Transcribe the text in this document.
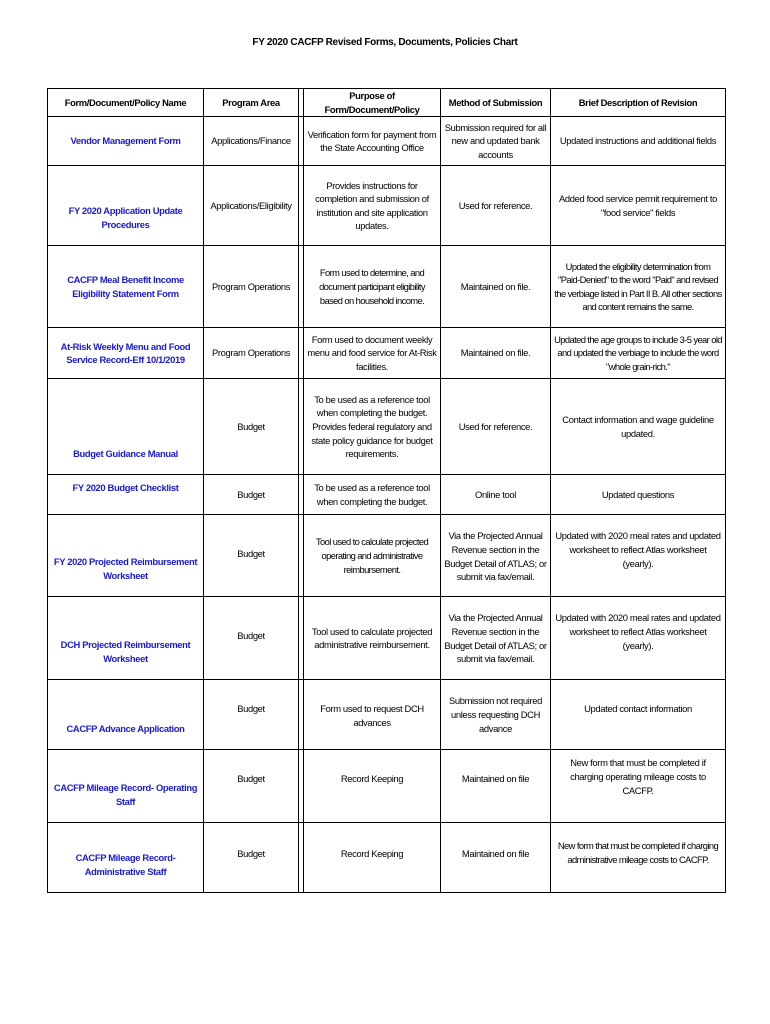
FY 2020 CACFP Revised Forms, Documents, Policies Chart
Form/Document/Policy Name	Program Area		Purpose of Form/Document/Policy	Method of Submission	Brief Description of Revision
Vendor Management Form	Applications/Finance		Verification form for payment from the State Accounting Office	Submission required for all new and updated bank accounts	Updated instructions and additional fields
FY 2020 Application Update Procedures	Applications/Eligibility		Provides instructions for completion and submission of institution and site application updates.	Used for reference.	Added food service permit requirement to "food service" fields
CACFP Meal Benefit Income Eligibility Statement Form	Program Operations		Form used to determine, and document participant eligibility based on household income.	Maintained on file.	Updated the eligibility determination from "Paid-Denied" to the word "Paid" and revised the verbiage listed in Part II B. All other sections and content remains the same.
At-Risk Weekly Menu and Food Service Record-Eff 10/1/2019	Program Operations		Form used to document weekly menu and food service for At-Risk facilities.	Maintained on file.	Updated the age groups to include 3-5 year old and updated the verbiage to include the word "whole grain-rich."
Budget Guidance Manual	Budget		To be used as a reference tool when completing the budget. Provides federal regulatory and state policy guidance for budget requirements.	Used for reference.	Contact information and wage guideline updated.
FY 2020 Budget Checklist	Budget		To be used as a reference tool when completing the budget.	Online tool	Updated questions
FY 2020 Projected Reimbursement Worksheet	Budget		Tool used to calculate projected operating and administrative reimbursement.	Via the Projected Annual Revenue section in the Budget Detail of ATLAS; or submit via fax/email.	Updated with 2020 meal rates and updated worksheet to reflect Atlas worksheet (yearly).
DCH Projected Reimbursement Worksheet	Budget		Tool used to calculate projected administrative reimbursement.	Via the Projected Annual Revenue section in the Budget Detail of ATLAS; or submit via fax/email.	Updated with 2020 meal rates and updated worksheet to reflect Atlas worksheet (yearly).
CACFP Advance Application	Budget		Form used to request DCH advances	Submission not required unless requesting DCH advance	Updated contact information
CACFP Mileage Record- Operating Staff	Budget		Record Keeping	Maintained on file	New form that must be completed if charging operating mileage costs to CACFP.
CACFP Mileage Record- Administrative Staff	Budget		Record Keeping	Maintained on file	New form that must be completed if charging administrative mileage costs to CACFP.
